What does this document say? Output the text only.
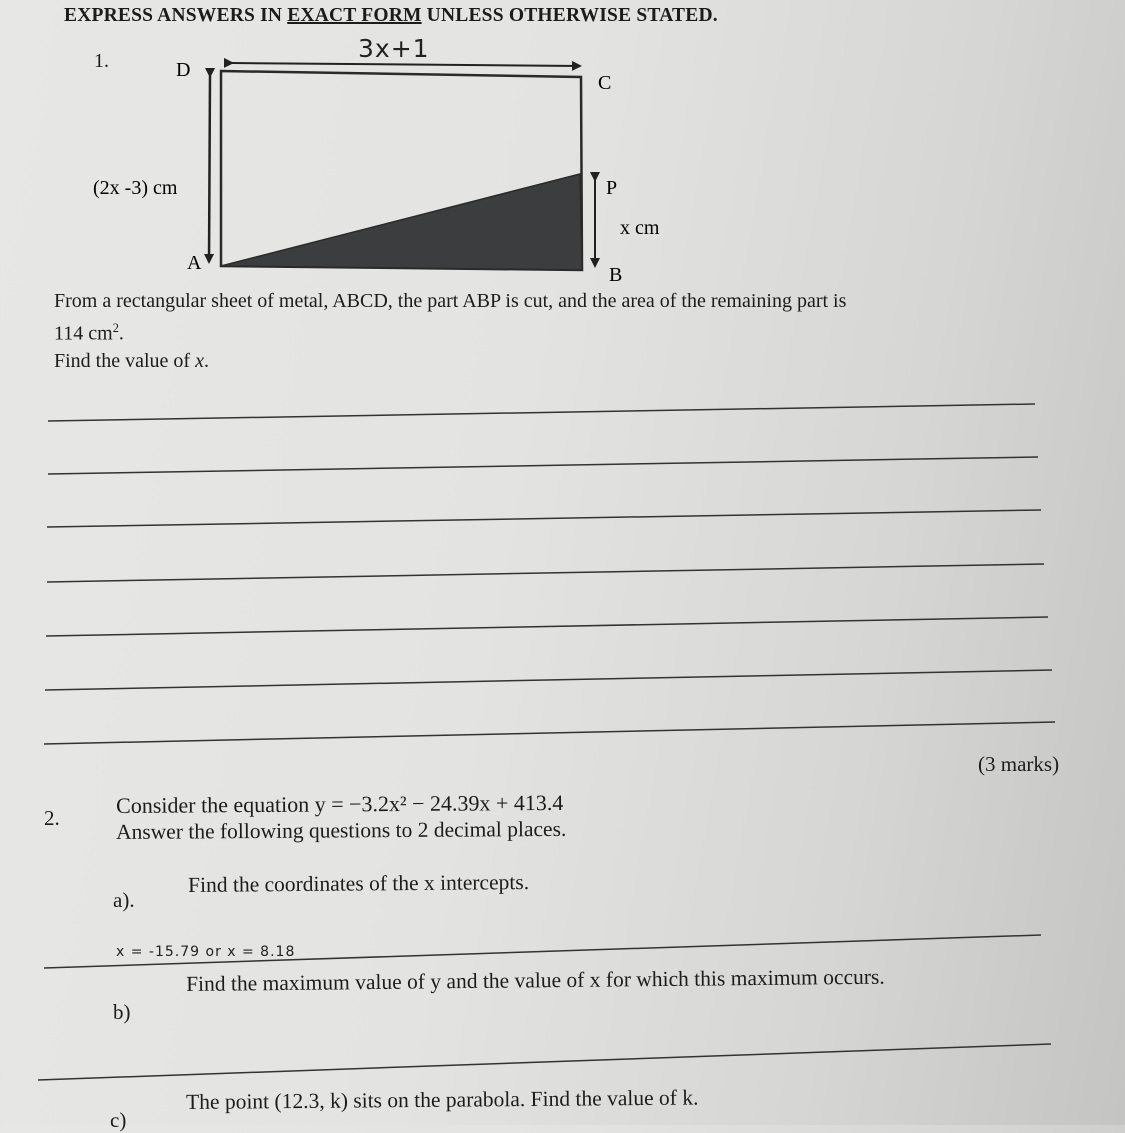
EXPRESS ANSWERS IN EXACT FORM UNLESS OTHERWISE STATED.
1.	3x+1
D
C
A
B
P
(2x -3) cm
x cm
From a rectangular sheet of metal, ABCD, the part ABP is cut, and the area of the remaining part is
114 $cm^2$.
Find the value of x.
(3 marks)
2.
Consider the equation y = −3.2x² − 24.39x + 413.4
Answer the following questions to 2 decimal places.
a).
Find the coordinates of the x intercepts.
x = -15.79 or x = 8.18
b)
Find the maximum value of y and the value of x for which this maximum occurs.
c)
The point (12.3, k) sits on the parabola. Find the value of k.
